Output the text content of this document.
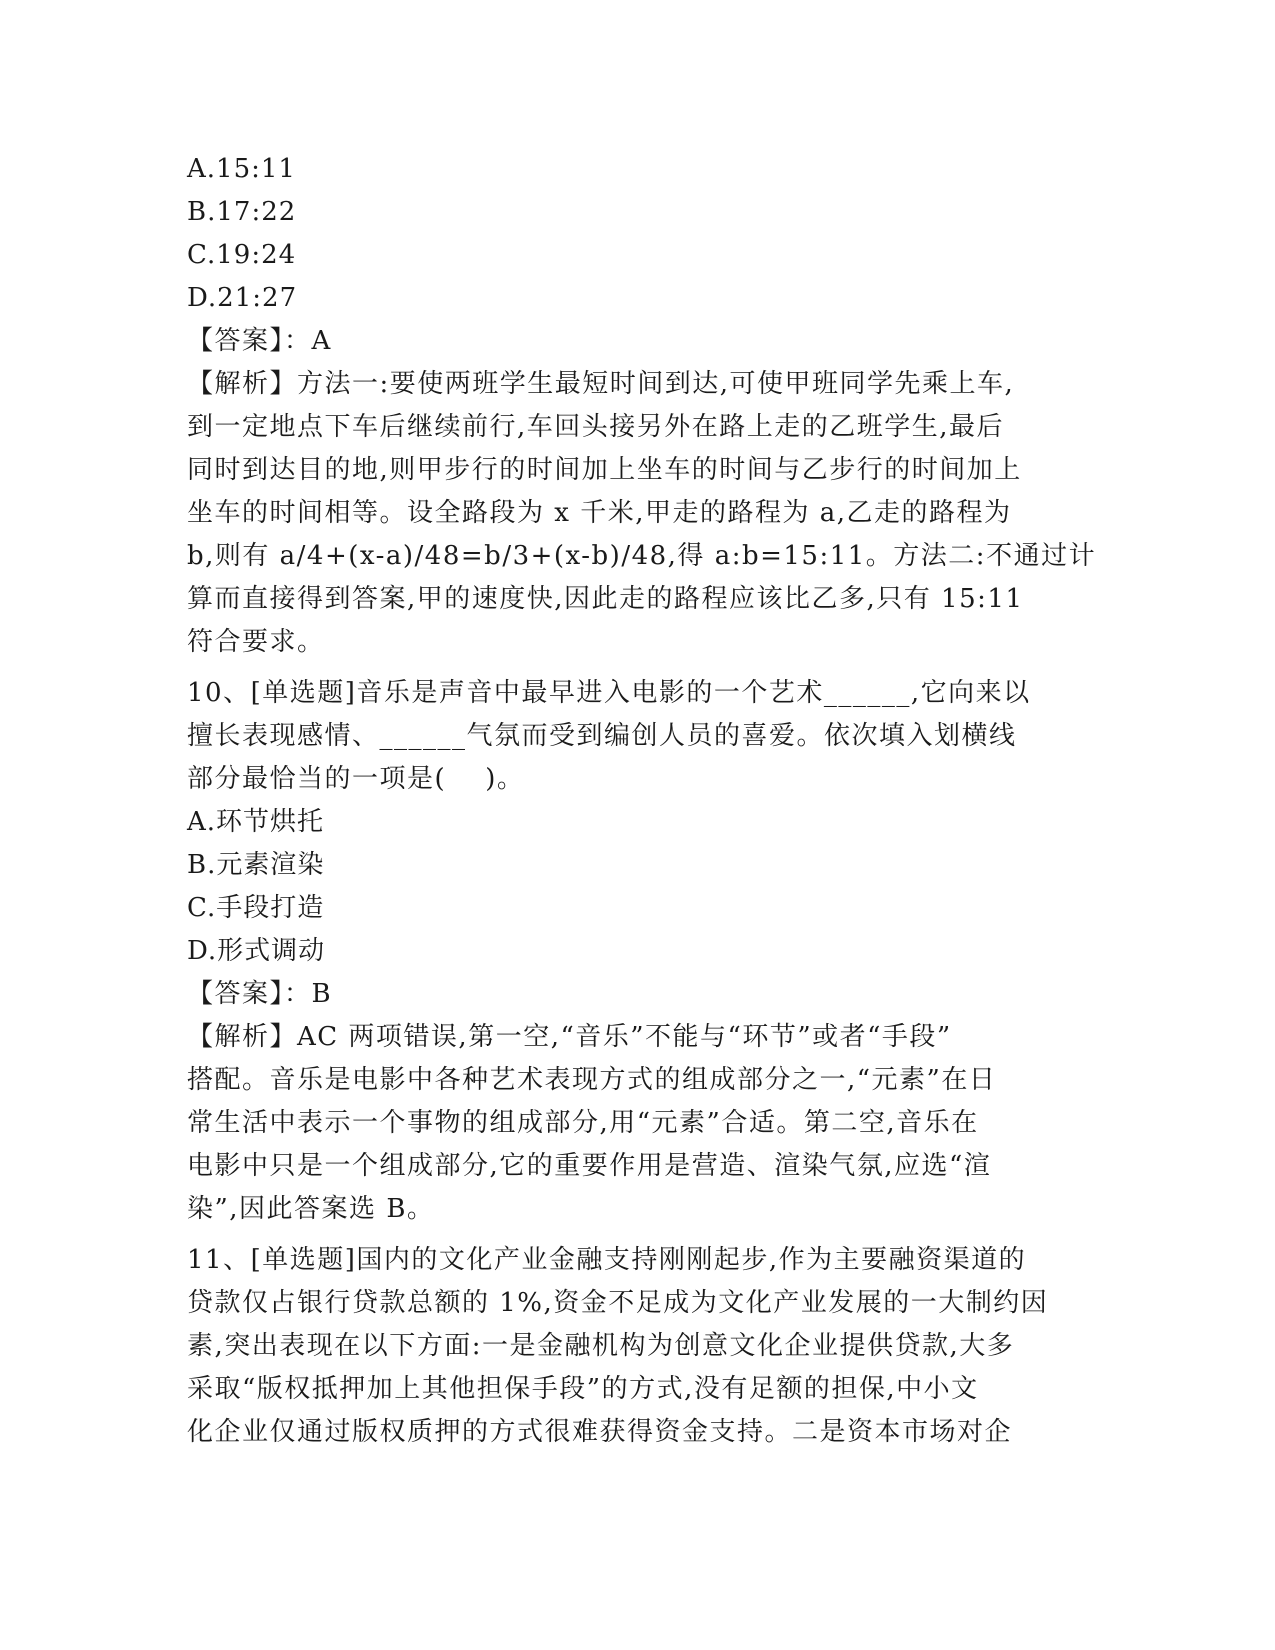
A.15:11
B.17:22
C.19:24
D.21:27
【答案】：A
【解析】方法一:要使两班学生最短时间到达,可使甲班同学先乘上车,
到一定地点下车后继续前行,车回头接另外在路上走的乙班学生,最后
同时到达目的地,则甲步行的时间加上坐车的时间与乙步行的时间加上
坐车的时间相等。设全路段为 x 千米,甲走的路程为 a,乙走的路程为
b,则有 a/4+(x-a)/48=b/3+(x-b)/48,得 a:b=15:11。方法二:不通过计
算而直接得到答案,甲的速度快,因此走的路程应该比乙多,只有 15:11
符合要求。
10、[单选题]音乐是声音中最早进入电影的一个艺术______,它向来以
擅长表现感情、______气氛而受到编创人员的喜爱。依次填入划横线
部分最恰当的一项是(    )。
A.环节烘托
B.元素渲染
C.手段打造
D.形式调动
【答案】：B
【解析】AC 两项错误,第一空,“音乐”不能与“环节”或者“手段”
搭配。音乐是电影中各种艺术表现方式的组成部分之一,“元素”在日
常生活中表示一个事物的组成部分,用“元素”合适。第二空,音乐在
电影中只是一个组成部分,它的重要作用是营造、渲染气氛,应选“渲
染”,因此答案选 B。
11、[单选题]国内的文化产业金融支持刚刚起步,作为主要融资渠道的
贷款仅占银行贷款总额的 1%,资金不足成为文化产业发展的一大制约因
素,突出表现在以下方面:一是金融机构为创意文化企业提供贷款,大多
采取“版权抵押加上其他担保手段”的方式,没有足额的担保,中小文
化企业仅通过版权质押的方式很难获得资金支持。二是资本市场对企
